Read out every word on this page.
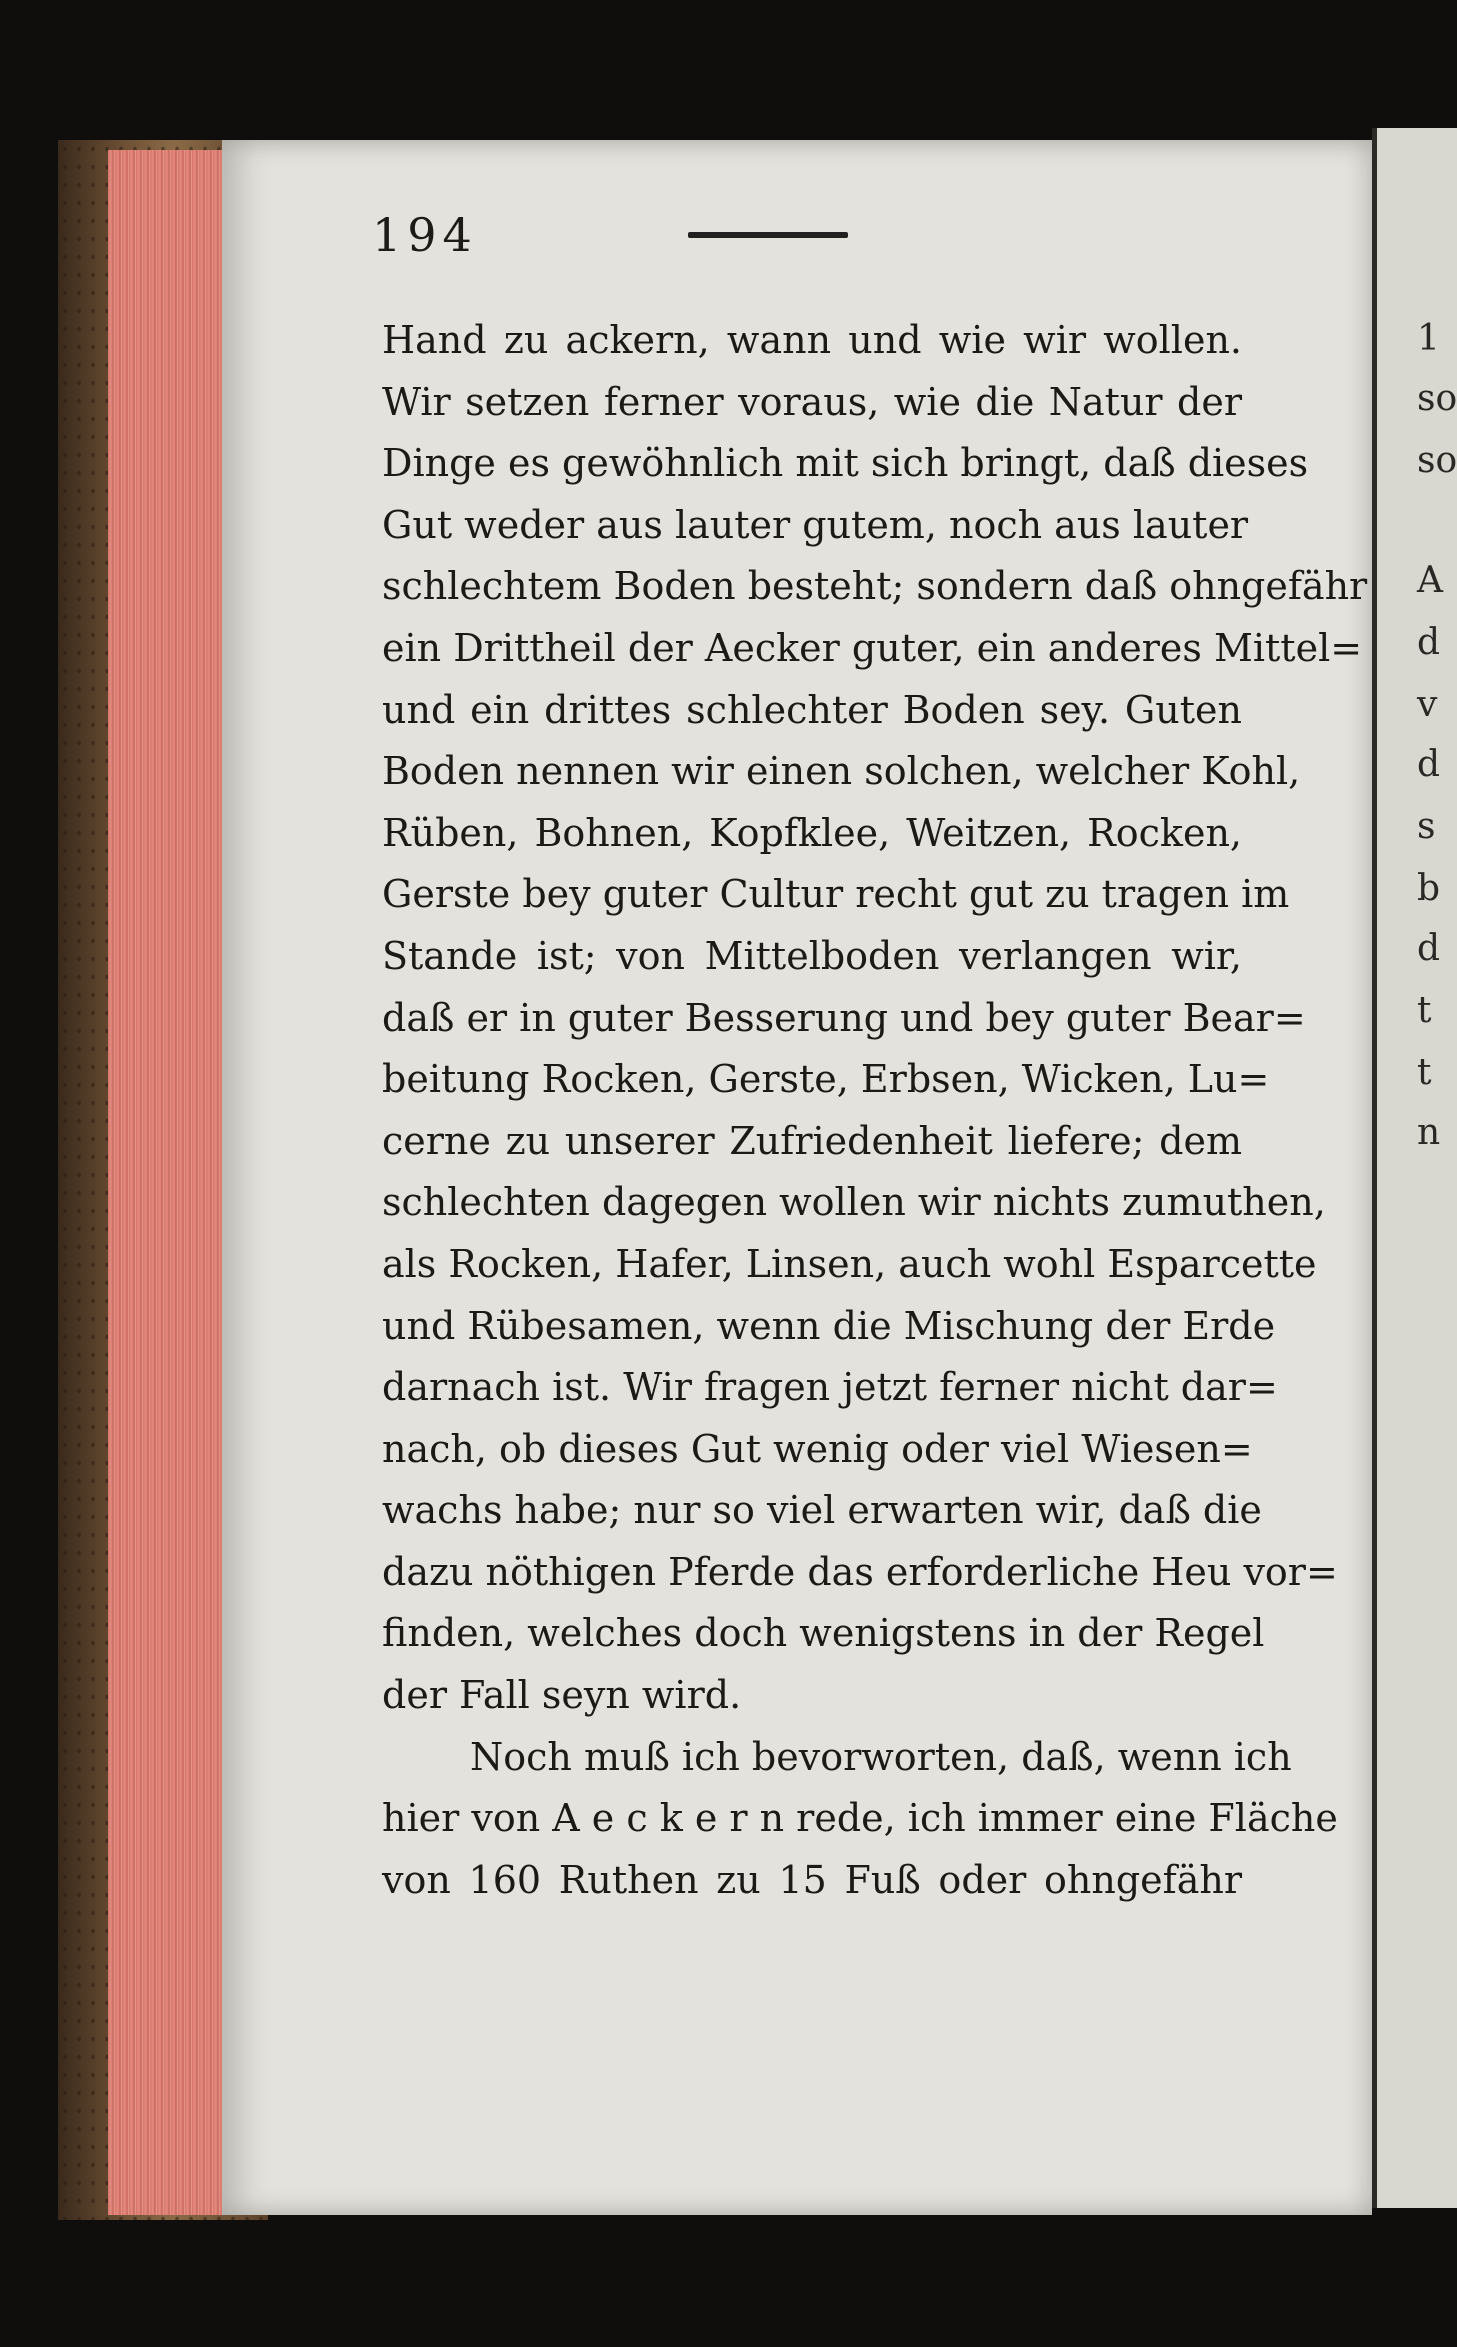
1
so
so
A
d
v
d
s
b
d
t
t
n
194
Hand zu ackern, wann und wie wir wollen.
Wir setzen ferner voraus, wie die Natur der
Dinge es gewöhnlich mit sich bringt, daß dieses
Gut weder aus lauter gutem, noch aus lauter
schlechtem Boden besteht; sondern daß ohngefähr
ein Drittheil der Aecker guter, ein anderes Mittel=
und ein drittes schlechter Boden sey. Guten
Boden nennen wir einen solchen, welcher Kohl,
Rüben, Bohnen, Kopfklee, Weitzen, Rocken,
Gerste bey guter Cultur recht gut zu tragen im
Stande ist; von Mittelboden verlangen wir,
daß er in guter Besserung und bey guter Bear=
beitung Rocken, Gerste, Erbsen, Wicken, Lu=
cerne zu unserer Zufriedenheit liefere; dem
schlechten dagegen wollen wir nichts zumuthen,
als Rocken, Hafer, Linsen, auch wohl Esparcette
und Rübesamen, wenn die Mischung der Erde
darnach ist. Wir fragen jetzt ferner nicht dar=
nach, ob dieses Gut wenig oder viel Wiesen=
wachs habe; nur so viel erwarten wir, daß die
dazu nöthigen Pferde das erforderliche Heu vor=
finden, welches doch wenigstens in der Regel
der Fall seyn wird.
Noch muß ich bevorworten, daß, wenn ich
hier von A e c k e r n rede, ich immer eine Fläche
von 160 Ruthen zu 15 Fuß oder ohngefähr
